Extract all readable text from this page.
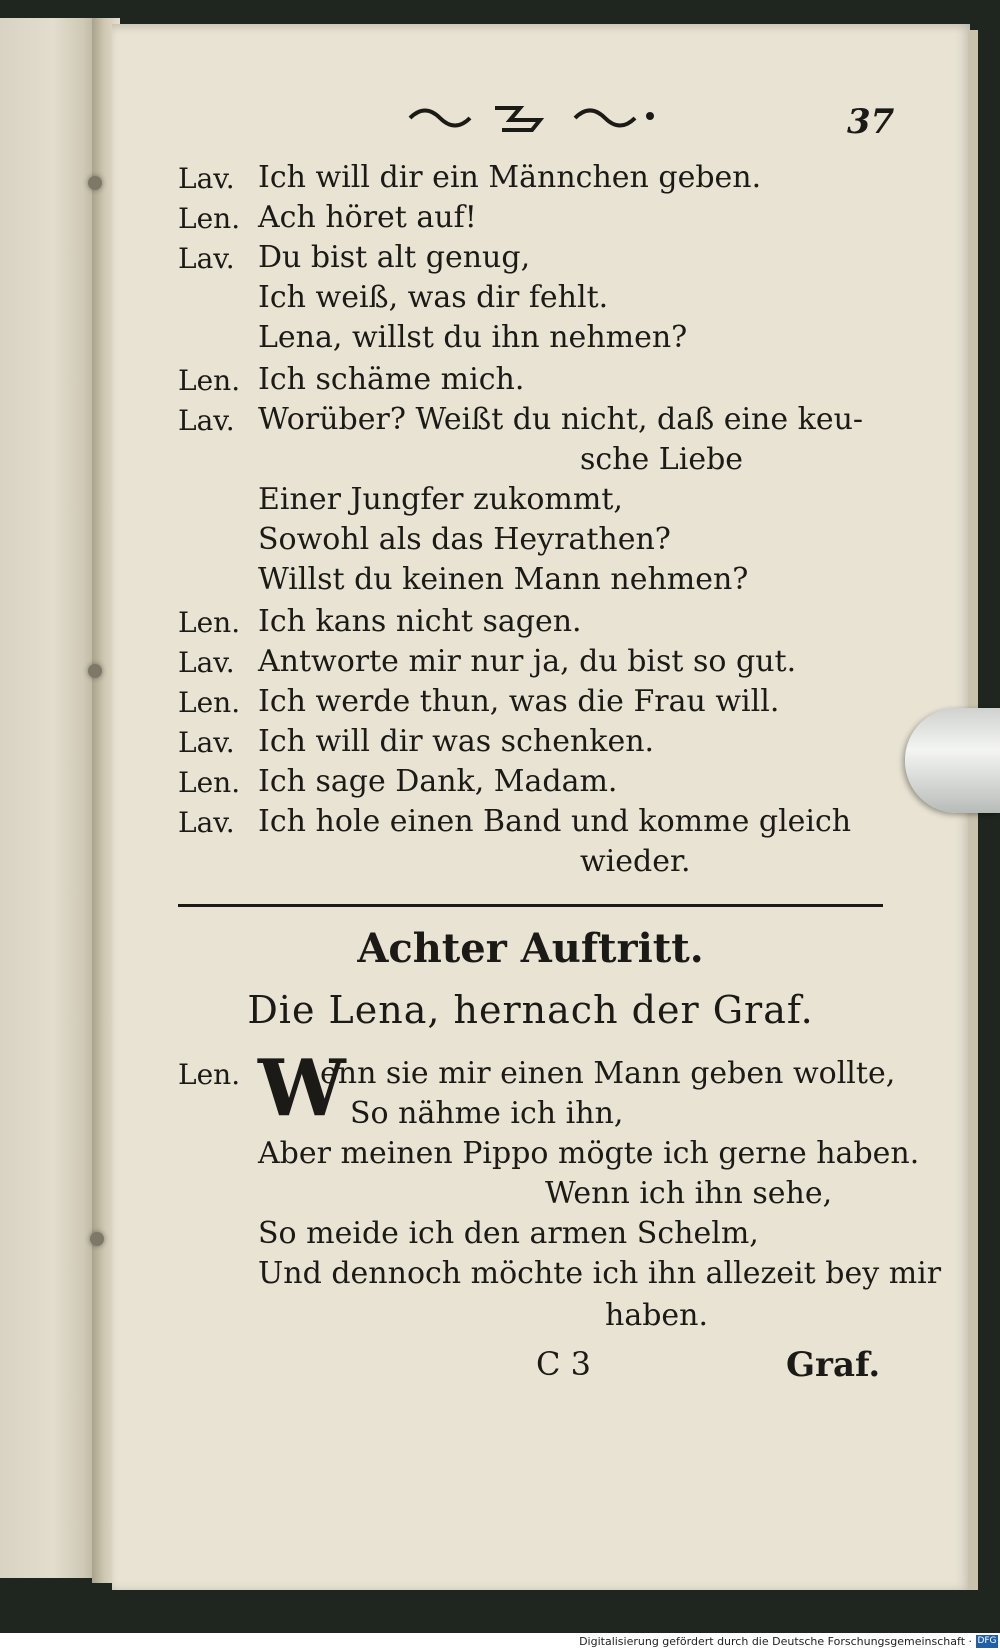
37
Lav. Ich will dir ein Männchen geben.
Len. Ach höret auf!
Lav. Du bist alt genug,
Ich weiß, was dir fehlt.
Lena, willst du ihn nehmen?
Len. Ich schäme mich.
Lav. Worüber? Weißt du nicht, daß eine keu-
sche Liebe
Einer Jungfer zukommt,
Sowohl als das Heyrathen?
Willst du keinen Mann nehmen?
Len. Ich kans nicht sagen.
Lav. Antworte mir nur ja, du bist so gut.
Len. Ich werde thun, was die Frau will.
Lav. Ich will dir was schenken.
Len. Ich sage Dank, Madam.
Lav. Ich hole einen Band und komme gleich
wieder.
Achter Auftritt.
Die Lena, hernach der Graf.
Len. W
enn sie mir einen Mann geben wollte,
So nähme ich ihn,
Aber meinen Pippo mögte ich gerne haben.
Wenn ich ihn sehe,
So meide ich den armen Schelm,
Und dennoch möchte ich ihn allezeit bey mir
haben.
C 3	Graf.
Digitalisierung gefördert durch die Deutsche Forschungsgemeinschaft · DFG
